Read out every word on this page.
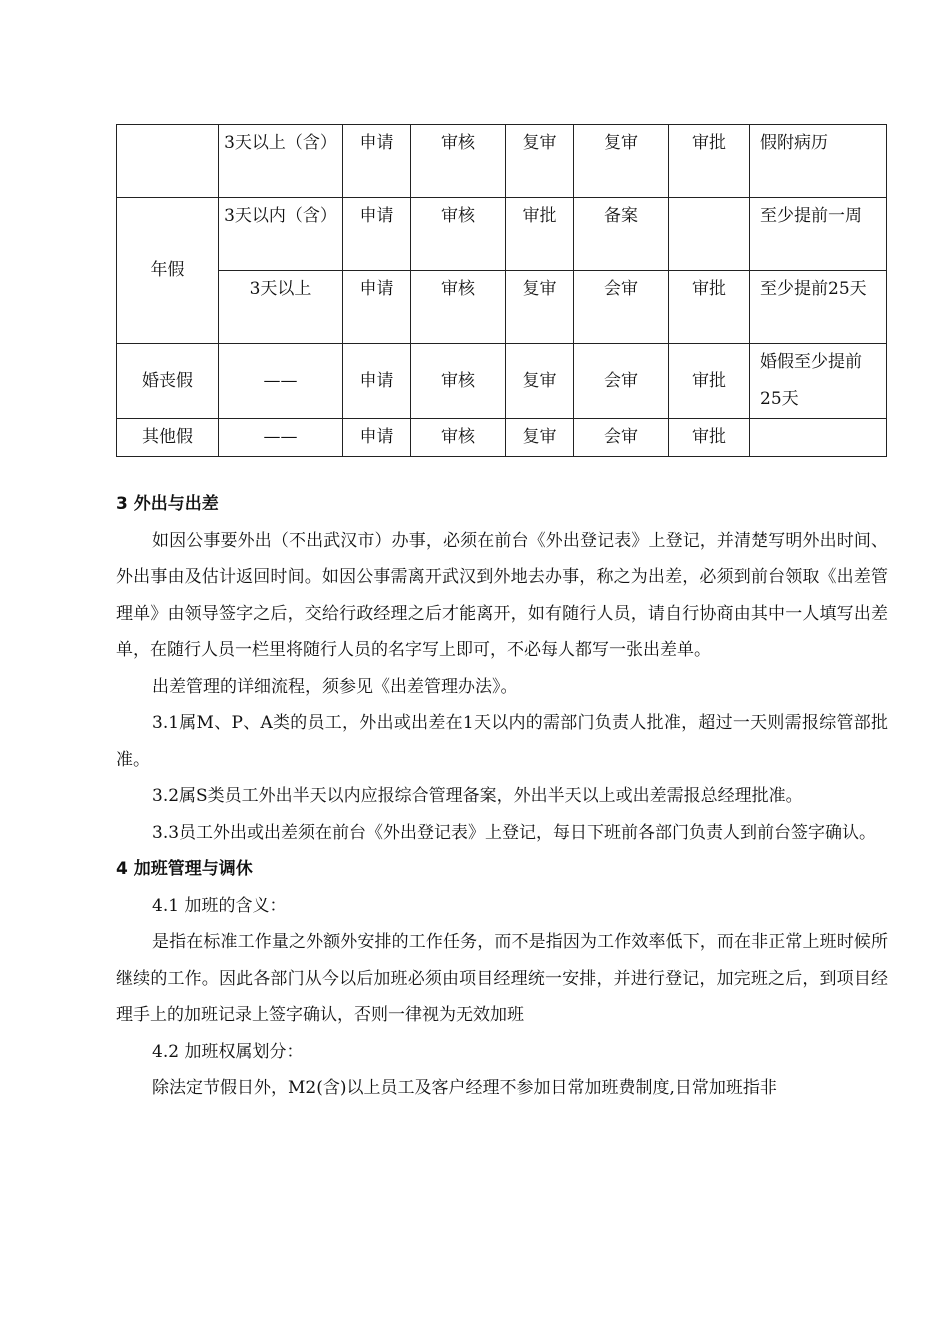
	3天以上（含）	申请	审核	复审	复审	审批	假附病历
年假	3天以内（含）	申请	审核	审批	备案		至少提前一周
	3天以上	申请	审核	复审	会审	审批	至少提前25天
婚丧假	——	申请	审核	复审	会审	审批	婚假至少提前25天
其他假	——	申请	审核	复审	会审	审批	
3 外出与出差

如因公事要外出（不出武汉市）办事，必须在前台《外出登记表》上登记，并清楚写明外出时间、外出事由及估计返回时间。如因公事需离开武汉到外地去办事，称之为出差，必须到前台领取《出差管理单》由领导签字之后，交给行政经理之后才能离开，如有随行人员，请自行协商由其中一人填写出差单，在随行人员一栏里将随行人员的名字写上即可，不必每人都写一张出差单。

出差管理的详细流程，须参见《出差管理办法》。

3.1属M、P、A类的员工，外出或出差在1天以内的需部门负责人批准，超过一天则需报综管部批准。

3.2属S类员工外出半天以内应报综合管理备案，外出半天以上或出差需报总经理批准。

3.3员工外出或出差须在前台《外出登记表》上登记，每日下班前各部门负责人到前台签字确认。

4 加班管理与调休

4.1 加班的含义：

是指在标准工作量之外额外安排的工作任务，而不是指因为工作效率低下，而在非正常上班时候所继续的工作。因此各部门从今以后加班必须由项目经理统一安排，并进行登记，加完班之后，到项目经理手上的加班记录上签字确认，否则一律视为无效加班

4.2 加班权属划分：

除法定节假日外，M2(含)以上员工及客户经理不参加日常加班费制度,日常加班指非
